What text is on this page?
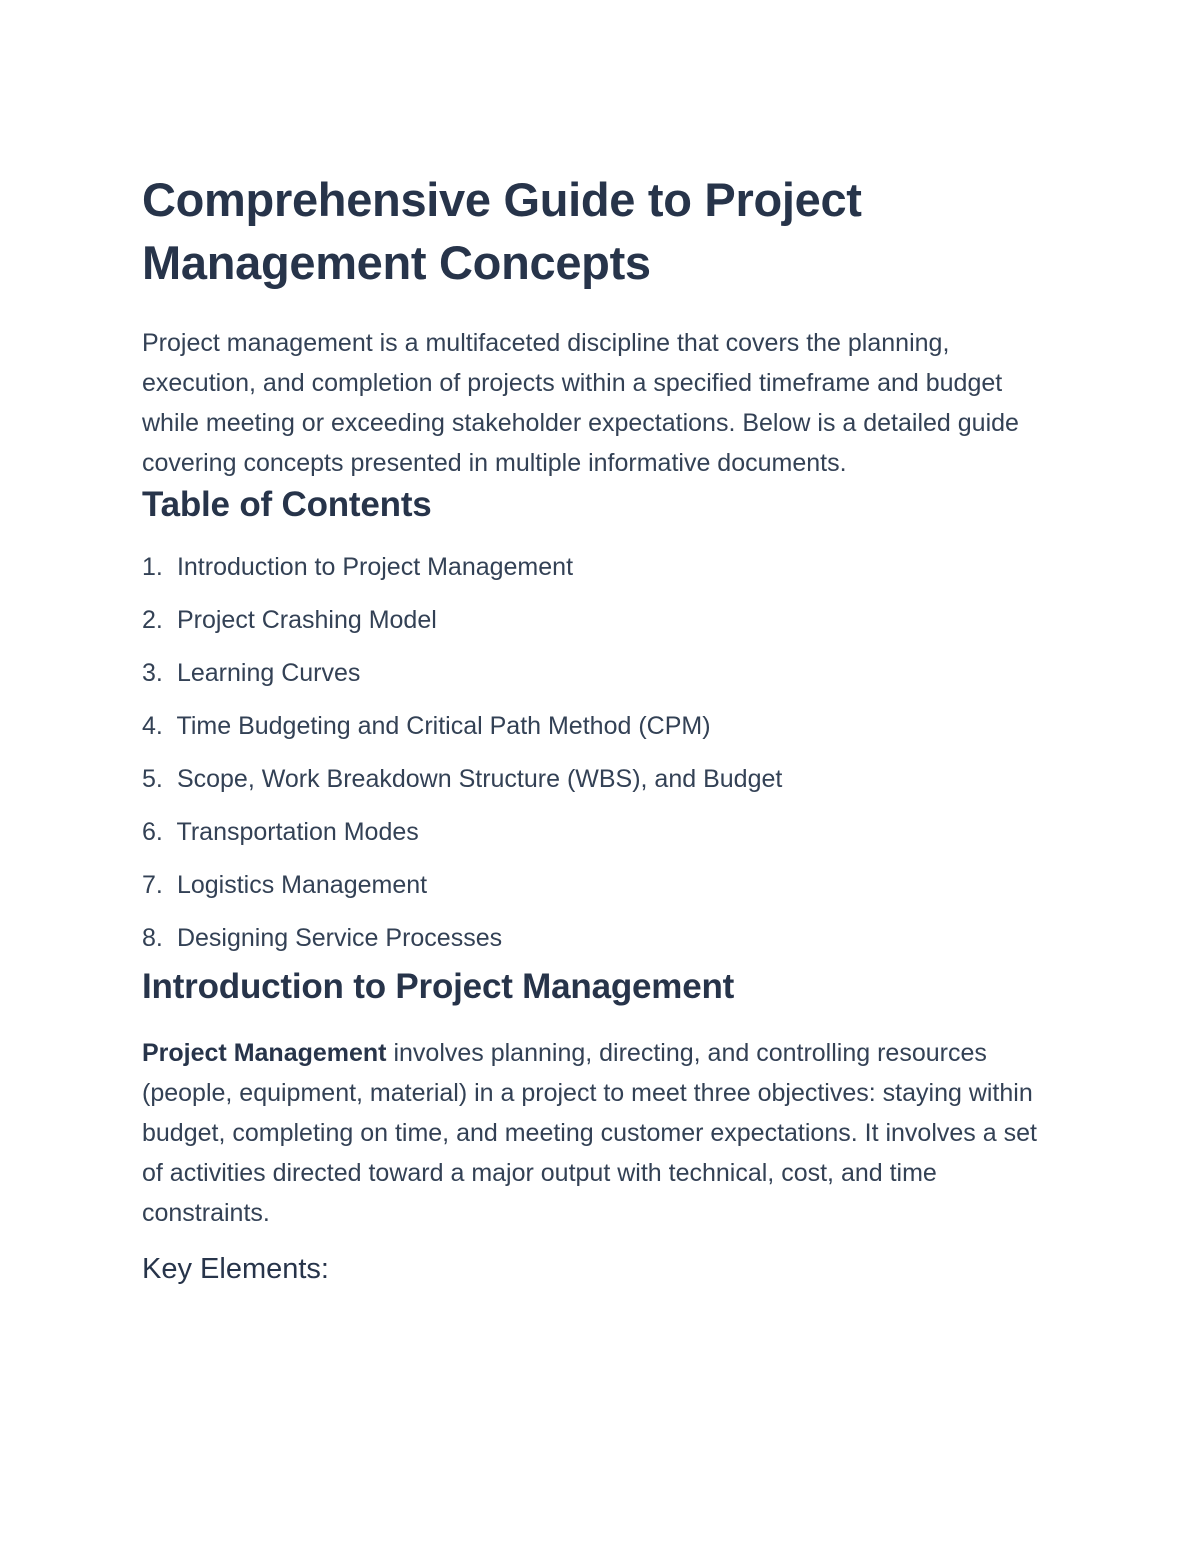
Comprehensive Guide to Project
Management Concepts

Project management is a multifaceted discipline that covers the planning, execution, and completion of projects within a specified timeframe and budget while meeting or exceeding stakeholder expectations. Below is a detailed guide covering concepts presented in multiple informative documents.

Table of Contents
1. Introduction to Project Management
2. Project Crashing Model
3. Learning Curves
4. Time Budgeting and Critical Path Method (CPM)
5. Scope, Work Breakdown Structure (WBS), and Budget
6. Transportation Modes
7. Logistics Management
8. Designing Service Processes
Introduction to Project Management

Project Management involves planning, directing, and controlling resources (people, equipment, material) in a project to meet three objectives: staying within budget, completing on time, and meeting customer expectations. It involves a set of activities directed toward a major output with technical, cost, and time constraints.

Key Elements:
